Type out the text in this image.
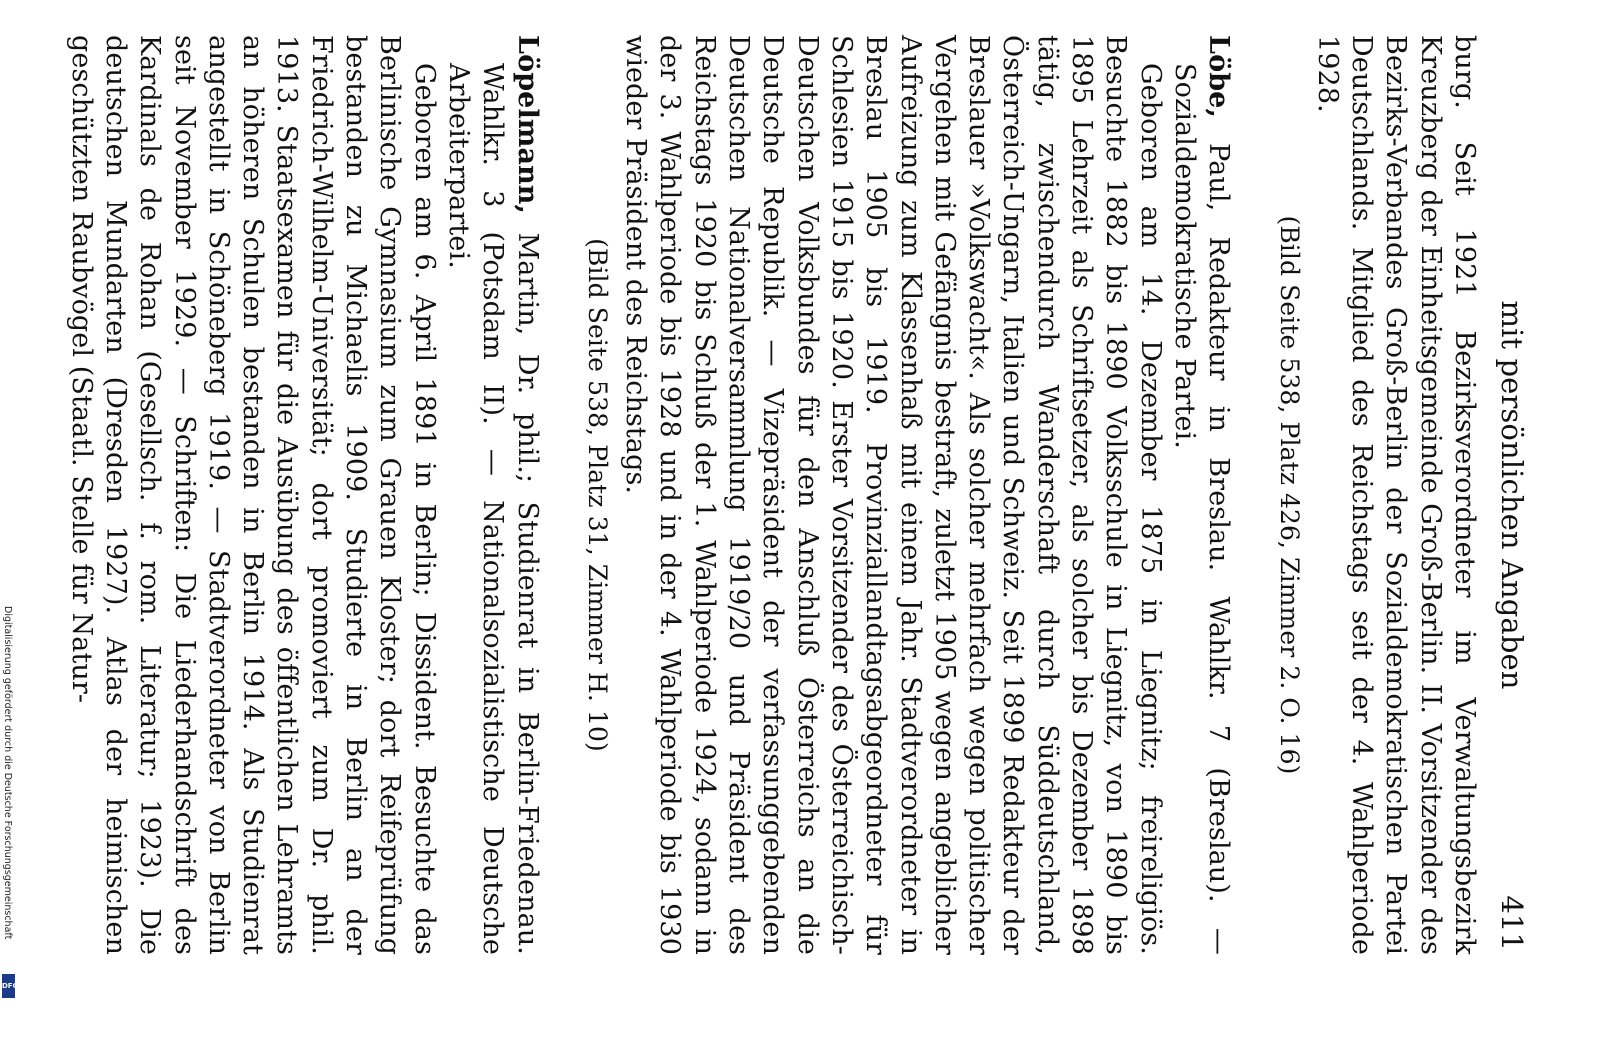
mit persönlichen Angaben
411

burg. Seit 1921 Bezirksverordneter im Verwaltungsbezirk Kreuzberg der Einheitsgemeinde Groß-Berlin. II. Vorsitzender des Bezirks-Verbandes Groß-Berlin der Sozialdemokratischen Partei Deutschlands. Mitglied des Reichstags seit der 4. Wahlperiode 1928.

(Bild Seite 538, Platz 426, Zimmer 2. O. 16)

Löbe, Paul, Redakteur in Breslau. Wahlkr. 7 (Breslau). — Sozialdemokratische Partei.

Geboren am 14. Dezember 1875 in Liegnitz; freireligiös. Besuchte 1882 bis 1890 Volksschule in Liegnitz, von 1890 bis 1895 Lehrzeit als Schriftsetzer, als solcher bis Dezember 1898 tätig, zwischendurch Wanderschaft durch Süddeutschland, Österreich-Ungarn, Italien und Schweiz. Seit 1899 Redakteur der Breslauer »Volkswacht«. Als solcher mehrfach wegen politischer Vergehen mit Gefängnis bestraft, zuletzt 1905 wegen angeblicher Aufreizung zum Klassenhaß mit einem Jahr. Stadtverordneter in Breslau 1905 bis 1919. Provinziallandtagsabgeordneter für Schlesien 1915 bis 1920. Erster Vorsitzender des Österreichisch-Deutschen Volksbundes für den Anschluß Österreichs an die Deutsche Republik. — Vizepräsident der verfassunggebenden Deutschen Nationalversammlung 1919/20 und Präsident des Reichstags 1920 bis Schluß der 1. Wahlperiode 1924, sodann in der 3. Wahlperiode bis 1928 und in der 4. Wahlperiode bis 1930 wieder Präsident des Reichstags.

(Bild Seite 538, Platz 31, Zimmer H. 10)

Löpelmann, Martin, Dr. phil.; Studienrat in Berlin-Friedenau. Wahlkr. 3 (Potsdam II). — Nationalsozialistische Deutsche Arbeiterpartei.

Geboren am 6. April 1891 in Berlin; Dissident. Besuchte das Berlinische Gymnasium zum Grauen Kloster; dort Reifeprüfung bestanden zu Michaelis 1909. Studierte in Berlin an der Friedrich-Wilhelm-Universität; dort promoviert zum Dr. phil. 1913. Staatsexamen für die Ausübung des öffentlichen Lehramts an höheren Schulen bestanden in Berlin 1914. Als Studienrat angestellt in Schöneberg 1919. — Stadtverordneter von Berlin seit November 1929. — Schriften: Die Liederhandschrift des Kardinals de Rohan (Gesellsch. f. rom. Literatur; 1923). Die deutschen Mundarten (Dresden 1927). Atlas der heimischen geschützten Raubvögel (Staatl. Stelle für Natur-

Digitalisierung gefördert durch die Deutsche Forschungsgemeinschaft
DFG
